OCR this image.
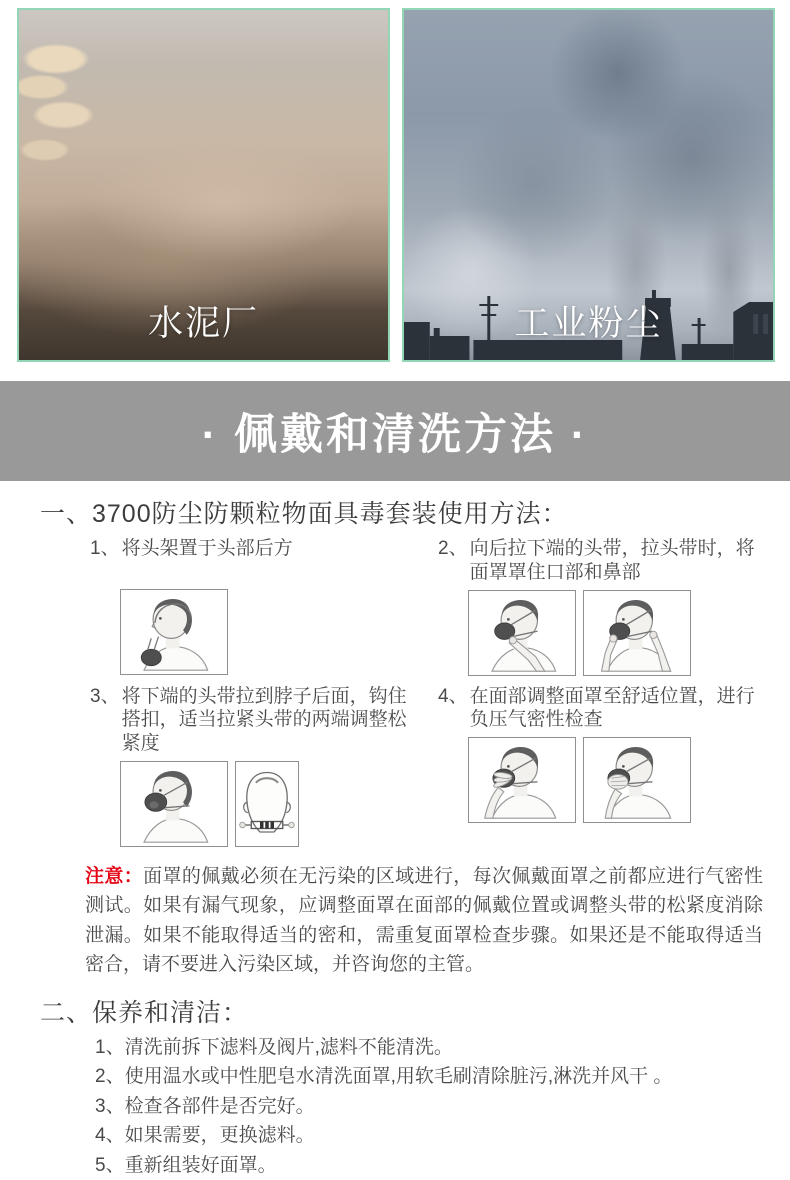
水泥厂	工业粉尘
· 佩戴和清洗方法 ·
一、3700防尘防颗粒物面具毒套装使用方法：
1、 将头架置于头部后方	2、 向后拉下端的头带，拉头带时，将面罩罩住口部和鼻部
3、 将下端的头带拉到脖子后面，钩住搭扣，适当拉紧头带的两端调整松紧度
4、 在面部调整面罩至舒适位置，进行负压气密性检查
注意：面罩的佩戴必须在无污染的区域进行，每次佩戴面罩之前都应进行气密性测试。如果有漏气现象，应调整面罩在面部的佩戴位置或调整头带的松紧度消除泄漏。如果不能取得适当的密和，需重复面罩检查步骤。如果还是不能取得适当密合，请不要进入污染区域，并咨询您的主管。
二、保养和清洁：
1、清洗前拆下滤料及阀片,滤料不能清洗。
2、使用温水或中性肥皂水清洗面罩,用软毛刷清除脏污,淋洗并风干 。
3、检查各部件是否完好。
4、如果需要，更换滤料。
5、重新组装好面罩。
